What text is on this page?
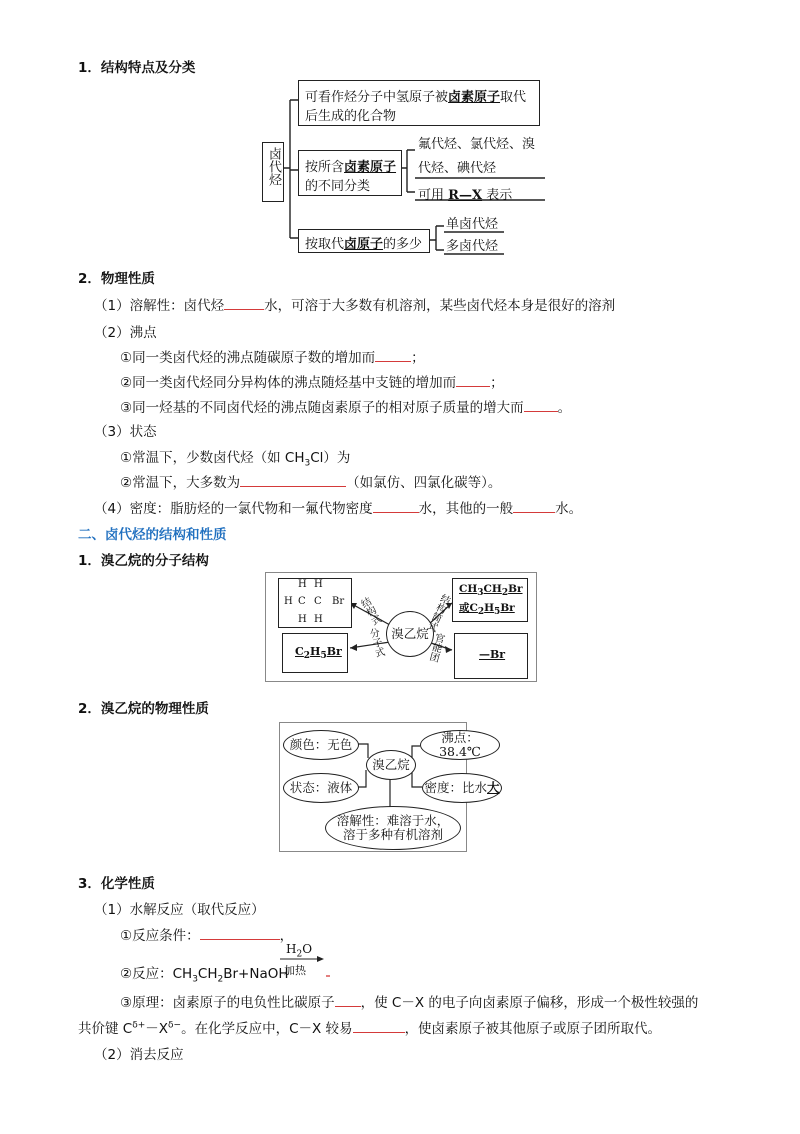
1．结构特点及分类
卤代烃
可看作烃分子中氢原子被卤素原子取代
后生成的化合物
按所含卤素原子
的不同分类
氟代烃、氯代烃、溴
代烃、碘代烃
可用 R—X 表示
按取代卤原子的多少
单卤代烃
多卤代烃
2．物理性质
（1）溶解性：卤代烃	水，可溶于大多数有机溶剂，某些卤代烃本身是很好的溶剂
（2）沸点
①同一类卤代烃的沸点随碳原子数的增加而	；
②同一类卤代烃同分异构体的沸点随烃基中支链的增加而	；
③同一烃基的不同卤代烃的沸点随卤素原子的相对原子质量的增大而	。
（3）状态
①常温下，少数卤代烃（如 $CH_3Cl$）为
②常温下，大多数为	（如氯仿、四氯化碳等）。
（4）密度：脂肪烃的一氯代物和一氟代物密度	水，其他的一般	水。
二、卤代烃的结构和性质
1．溴乙烷的分子结构
H H
H C C Br
H H
$C_2H_5Br$
溴乙烷
结构式
分子式
结构简式
官能团
$CH_3CH_2Br$
或$C_2H_5Br$
—Br
2．溴乙烷的物理性质
颜色：无色	沸点：38.4℃
溴乙烷
状态：液体	密度：比水 大
溶解性：难溶于水，
溶于多种有机溶剂
3．化学性质
（1）水解反应（取代反应）
①反应条件：	，
②反应：$CH_3CH_2Br+NaOH$
$H_2O$
加热
③原理：卤素原子的电负性比碳原子 ，使 C－X 的电子向卤素原子偏移，形成一个极性较强的
共价键 $C^{\delta+}-X^{\delta-}$。在化学反应中，C－X 较易	，使卤素原子被其他原子或原子团所取代。
（2）消去反应
